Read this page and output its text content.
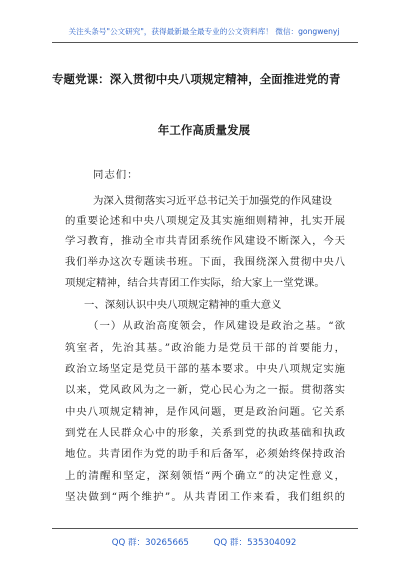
关注头条号"公文研究"，获得最新最全最专业的公文资料库！ 微信：gongwenyj
专题党课：深入贯彻中央八项规定精神，全面推进党的青
年工作高质量发展
同志们：
为深入贯彻落实习近平总书记关于加强党的作风建设
的重要论述和中央八项规定及其实施细则精神，扎实开展
学习教育，推动全市共青团系统作风建设不断深入，今天
我们举办这次专题读书班。下面，我围绕深入贯彻中央八
项规定精神，结合共青团工作实际，给大家上一堂党课。
一、深刻认识中央八项规定精神的重大意义
（一）从政治高度领会，作风建设是政治之基。“欲
筑室者，先治其基。”政治能力是党员干部的首要能力，
政治立场坚定是党员干部的基本要求。中央八项规定实施
以来，党风政风为之一新，党心民心为之一振。贯彻落实
中央八项规定精神，是作风问题，更是政治问题。它关系
到党在人民群众心中的形象，关系到党的执政基础和执政
地位。共青团作为党的助手和后备军，必须始终保持政治
上的清醒和坚定，深刻领悟“两个确立”的决定性意义，
坚决做到“两个维护”。从共青团工作来看，我们组织的
QQ 群：30265665	QQ 群：535304092
